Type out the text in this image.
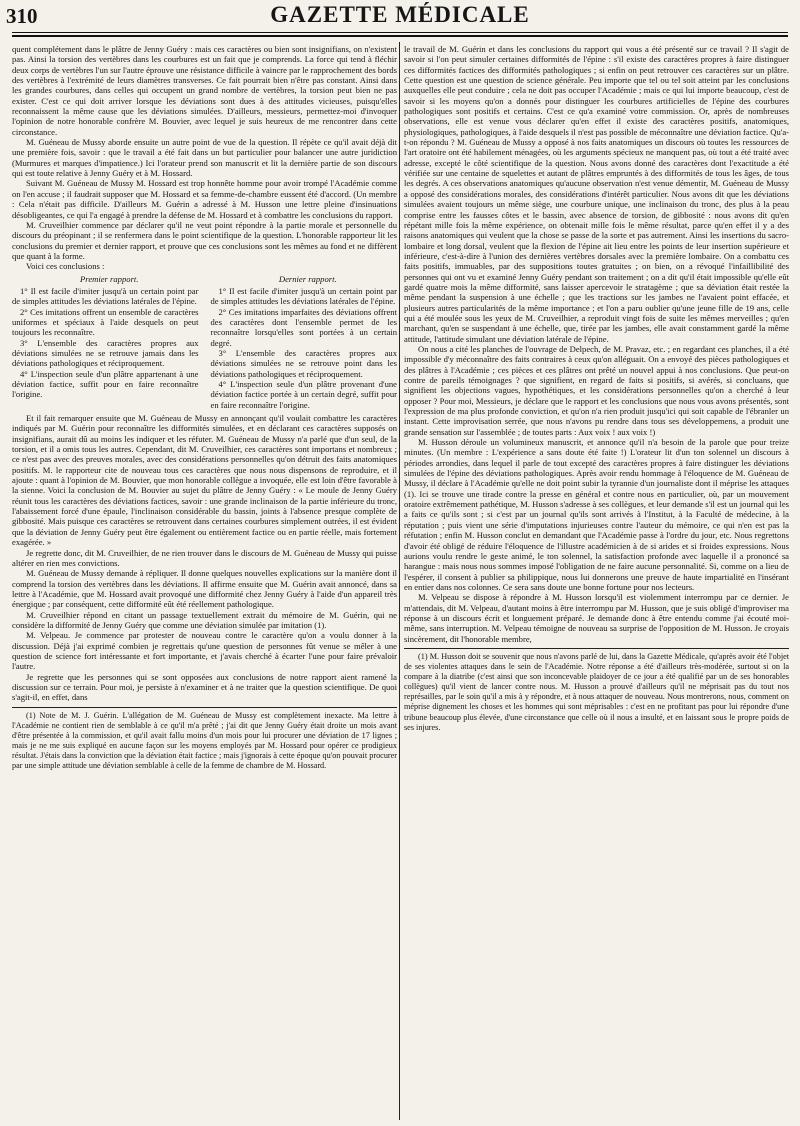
310	GAZETTE MÉDICALE

quent complétement dans le plâtre de Jenny Guéry : mais ces caractères ou bien sont insignifians, on n'existent pas. Ainsi la torsion des vertèbres dans les courbures est un fait que je comprends. La force qui tend à fléchir deux corps de vertèbres l'un sur l'autre éprouve une résistance difficile à vaincre par le rapprochement des bords des vertèbres à l'extrémité de leurs diamètres transverses. Ce fait pourrait bien n'être pas constant. Ainsi dans les grandes courbures, dans celles qui occupent un grand nombre de vertèbres, la torsion peut bien ne pas exister. C'est ce qui doit arriver lorsque les déviations sont dues à des attitudes vicieuses, puisqu'elles reconnaissent la même cause que les déviations simulées. D'ailleurs, messieurs, permettez-moi d'invoquer l'opinion de notre honorable confrère M. Bouvier, avec lequel je suis heureux de me rencontrer dans cette circonstance.

M. Guéneau de Mussy aborde ensuite un autre point de vue de la question. Il répète ce qu'il avait déjà dit une première fois, savoir : que le travail a été fait dans un but particulier pour balancer une autre juridiction (Murmures et marques d'impatience.) Ici l'orateur prend son manuscrit et lit la dernière partie de son discours qui est toute relative à Jenny Guéry et à M. Hossard.

Suivant M. Guéneau de Mussy M. Hossard est trop honnête homme pour avoir trompé l'Académie comme on l'en accuse ; il faudrait supposer que M. Hossard et sa femme-de-chambre eussent été d'accord. (Un membre : Cela n'était pas difficile. D'ailleurs M. Guérin a adressé à M. Husson une lettre pleine d'insinuations désobligeantes, ce qui l'a engagé à prendre la défense de M. Hossard et à combattre les conclusions du rapport.

M. Cruveilhier commence par déclarer qu'il ne veut point répondre à la partie morale et personnelle du discours du préopinant ; il se renfermera dans le point scientifique de la question. L'honorable rapporteur lit les conclusions du premier et dernier rapport, et prouve que ces conclusions sont les mêmes au fond et ne diffèrent que quant à la forme.

Voici ces conclusions :

Premier rapport.

1° Il est facile d'imiter jusqu'à un certain point par de simples attitudes les déviations latérales de l'épine.

2° Ces imitations offrent un ensemble de caractères uniformes et spéciaux à l'aide desquels on peut toujours les reconnaître.

3° L'ensemble des caractères propres aux déviations simulées ne se retrouve jamais dans les déviations pathologiques et réciproquement.

4° L'inspection seule d'un plâtre appartenant à une déviation factice, suffit pour en faire reconnaître l'origine.

Dernier rapport.

1° Il est facile d'imiter jusqu'à un certain point par de simples attitudes les déviations latérales de l'épine.

2° Ces imitations imparfaites des déviations offrent des caractères dont l'ensemble permet de les reconnaître lorsqu'elles sont portées à un certain degré.

3° L'ensemble des caractères propres aux déviations simulées ne se retrouve point dans les déviations pathologiques et réciproquement.

4° L'inspection seule d'un plâtre provenant d'une déviation factice portée à un certain degré, suffit pour en faire reconnaître l'origine.

Et il fait remarquer ensuite que M. Guéneau de Mussy en annonçant qu'il voulait combattre les caractères indiqués par M. Guérin pour reconnaître les difformités simulées, et en déclarant ces caractères supposés on insignifians, aurait dû au moins les indiquer et les réfuter. M. Guéneau de Mussy n'a parlé que d'un seul, de la torsion, et il a omis tous les autres. Cependant, dit M. Cruveilhier, ces caractères sont importans et nombreux ; ce n'est pas avec des preuves morales, avec des considérations personnelles qu'on détruit des faits anatomiques positifs. M. le rapporteur cite de nouveau tous ces caractères que nous nous dispensons de reproduire, et il ajoute : quant à l'opinion de M. Bouvier, que mon honorable collègue a invoquée, elle est loin d'être favorable à la sienne. Voici la conclusion de M. Bouvier au sujet du plâtre de Jenny Guéry : « Le moule de Jenny Guéry réunit tous les caractères des déviations factices, savoir : une grande inclinaison de la partie inférieure du tronc, l'abaissement forcé d'une épaule, l'inclinaison considérable du bassin, joints à l'absence presque complète de gibbosité. Mais puisque ces caractères se retrouvent dans certaines courbures simplement outrées, il est évident que la déviation de Jenny Guéry peut être également ou entièrement factice ou en partie réelle, mais fortement exagérée. »

Je regrette donc, dit M. Cruveilhier, de ne rien trouver dans le discours de M. Guéneau de Mussy qui puisse altérer en rien mes convictions.

M. Guéneau de Mussy demande à répliquer. Il donne quelques nouvelles explications sur la manière dont il comprend la torsion des vertèbres dans les déviations. Il affirme ensuite que M. Guérin avait annoncé, dans sa lettre à l'Académie, que M. Hossard avait provoqué une difformité chez Jenny Guéry à l'aide d'un appareil très énergique ; par conséquent, cette difformité eût été réellement pathologique.

M. Cruveilhier répond en citant un passage textuellement extrait du mémoire de M. Guérin, qui ne considère la difformité de Jenny Guéry que comme une déviation simulée par imitation (1).

M. Velpeau. Je commence par protester de nouveau contre le caractère qu'on a voulu donner à la discussion. Déjà j'ai exprimé combien je regrettais qu'une question de personnes fût venue se mêler à une question de science fort intéressante et fort importante, et j'avais cherché à écarter l'une pour faire prévaloir l'autre.

Je regrette que les personnes qui se sont opposées aux conclusions de notre rapport aient ramené la discussion sur ce terrain. Pour moi, je persiste à n'examiner et à ne traiter que la question scientifique. De quoi s'agit-il, en effet, dans

(1) Note de M. J. Guérin. L'allégation de M. Guéneau de Mussy est complètement inexacte. Ma lettre à l'Académie ne contient rien de semblable à ce qu'il m'a prêté ; j'ai dit que Jenny Guéry était droite un mois avant d'être présentée à la commission, et qu'il avait fallu moins d'un mois pour lui procurer une déviation de 17 lignes ; mais je ne me suis expliqué en aucune façon sur les moyens employés par M. Hossard pour opérer ce prodigieux résultat. J'étais dans la conviction que la déviation était factice ; mais j'ignorais à cette époque qu'on pouvait procurer par une simple attitude une déviation semblable à celle de la femme de chambre de M. Hossard.

le travail de M. Guérin et dans les conclusions du rapport qui vous a été présenté sur ce travail ? Il s'agit de savoir si l'on peut simuler certaines difformités de l'épine : s'il existe des caractères propres à faire distinguer ces difformités factices des difformités pathologiques ; si enfin on peut retrouver ces caractères sur un plâtre. Cette question est une question de science générale. Peu importe que tel ou tel soit atteint par les conclusions auxquelles elle peut conduire ; cela ne doit pas occuper l'Académie ; mais ce qui lui importe beaucoup, c'est de savoir si les moyens qu'on a donnés pour distinguer les courbures artificielles de l'épine des courbures pathologiques sont positifs et certains. C'est ce qu'a examiné votre commission. Or, après de nombreuses observations, elle est venue vous déclarer qu'en effet il existe des caractères positifs, anatomiques, physiologiques, pathologiques, à l'aide desquels il n'est pas possible de méconnaître une déviation factice. Qu'a-t-on répondu ? M. Guéneau de Mussy a opposé à nos faits anatomiques un discours où toutes les ressources de l'art oratoire ont été habilement ménagées, où les arguments spécieux ne manquent pas, où tout a été traité avec adresse, excepté le côté scientifique de la question. Nous avons donné des caractères dont l'exactitude a été vérifiée sur une centaine de squelettes et autant de plâtres empruntés à des difformités de tous les âges, de tous les degrés. A ces observations anatomiques qu'aucune observation n'est venue démentir, M. Guéneau de Mussy a opposé des considérations morales, des considérations d'intérêt particulier. Nous avons dit que les déviations simulées avaient toujours un même siège, une courbure unique, une inclinaison du tronc, des plus à la peau comprise entre les fausses côtes et le bassin, avec absence de torsion, de gibbosité : nous avons dit qu'en répétant mille fois la même expérience, on obtenait mille fois le même résultat, parce qu'en effet il y a des raisons anatomiques qui veulent que la chose se passe de la sorte et pas autrement. Ainsi les insertions du sacro-lombaire et long dorsal, veulent que la flexion de l'épine ait lieu entre les points de leur insertion supérieure et inférieure, c'est-à-dire à l'union des dernières vertèbres dorsales avec la première lombaire. On a combattu ces faits positifs, immuables, par des suppositions toutes gratuites ; on bien, on a révoqué l'infaillibilité des personnes qui ont vu et examiné Jenny Guéry pendant son traitement ; on a dit qu'il était impossible qu'elle eût gardé quatre mois la même difformité, sans laisser apercevoir le stratagème ; que sa déviation était restée la même pendant la suspension à une échelle ; que les tractions sur les jambes ne l'avaient point effacée, et plusieurs autres particularités de la même importance ; et l'on a paru oublier qu'une jeune fille de 19 ans, celle qui a été moulée sous les yeux de M. Cruveilhier, a reproduit vingt fois de suite les mêmes merveilles ; qu'en marchant, qu'en se suspendant à une échelle, que, tirée par les jambes, elle avait constamment gardé la même attitude, l'attitude simulant une déviation latérale de l'épine.

On nous a cité les planches de l'ouvrage de Delpech, de M. Pravaz, etc. ; en regardant ces planches, il a été impossible d'y méconnaître des faits contraires à ceux qu'on alléguait. On a envoyé des pièces pathologiques et des plâtres à l'Académie ; ces pièces et ces plâtres ont prêté un nouvel appui à nos conclusions. Que peut-on contre de pareils témoignages ? que signifient, en regard de faits si positifs, si avérés, si concluans, que signifient les objections vagues, hypothétiques, et les considérations personnelles qu'on a cherché à leur opposer ? Pour moi, Messieurs, je déclare que le rapport et les conclusions que nous vous avons présentés, sont l'expression de ma plus profonde conviction, et qu'on n'a rien produit jusqu'ici qui soit capable de l'ébranler un instant. Cette improvisation serrée, que nous n'avons pu rendre dans tous ses développemens, a produit une grande sensation sur l'assemblée ; de toutes parts : Aux voix ! aux voix !)

M. Husson déroule un volumineux manuscrit, et annonce qu'il n'a besoin de la parole que pour treize minutes. (Un membre : L'expérience a sans doute été faite !) L'orateur lit d'un ton solennel un discours à périodes arrondies, dans lequel il parle de tout excepté des caractères propres à faire distinguer les déviations simulées de l'épine des déviations pathologiques. Après avoir rendu hommage à l'éloquence de M. Guéneau de Mussy, il déclare à l'Académie qu'elle ne doit point subir la tyrannie d'un journaliste dont il méprise les attaques (1). Ici se trouve une tirade contre la presse en général et contre nous en particulier, où, par un mouvement oratoire extrêmement pathétique, M. Husson s'adresse à ses collègues, et leur demande s'il est un journal qui les a faits ce qu'ils sont ; si c'est par un journal qu'ils sont arrivés à l'Institut, à la Faculté de médecine, à la réputation ; puis vient une série d'imputations injurieuses contre l'auteur du mémoire, ce qui n'en est pas la réfutation ; enfin M. Husson conclut en demandant que l'Académie passe à l'ordre du jour, etc. Nous regrettons d'avoir été obligé de réduire l'éloquence de l'illustre académicien à de si arides et si froides expressions. Nous aurions voulu rendre le geste animé, le ton solennel, la satisfaction profonde avec laquelle il a prononcé sa harangue : mais nous nous sommes imposé l'obligation de ne faire aucune personnalité. Si, comme on a lieu de l'espérer, il consent à publier sa philippique, nous lui donnerons une preuve de haute impartialité en l'insérant en entier dans nos colonnes. Ce sera sans doute une bonne fortune pour nos lecteurs.

M. Velpeau se dispose à répondre à M. Husson lorsqu'il est violemment interrompu par ce dernier. Je m'attendais, dit M. Velpeau, d'autant moins à être interrompu par M. Husson, que je suis obligé d'improviser ma réponse à un discours écrit et longuement préparé. Je demande donc à être entendu comme j'ai écouté moi-même, sans interruption. M. Velpeau témoigne de nouveau sa surprise de l'opposition de M. Husson. Je croyais sincèrement, dit l'honorable membre,

(1) M. Husson doit se souvenir que nous n'avons parlé de lui, dans la Gazette Médicale, qu'après avoir été l'objet de ses violentes attaques dans le sein de l'Académie. Notre réponse a été d'ailleurs très-modérée, surtout si on la compare à la diatribe (c'est ainsi que son inconcevable plaidoyer de ce jour a été qualifié par un de ses honorables collègues) qu'il vient de lancer contre nous. M. Husson a prouvé d'ailleurs qu'il ne méprisait pas du tout nos représailles, par le soin qu'il a mis à y répondre, et à nous attaquer de nouveau. Nous montrerons, nous, comment on méprise dignement les choses et les hommes qui sont méprisables : c'est en ne profitant pas pour lui répondre d'une tribune beaucoup plus élevée, d'une circonstance que celle où il nous a insulté, et en laissant sous le propre poids de ses injures.
